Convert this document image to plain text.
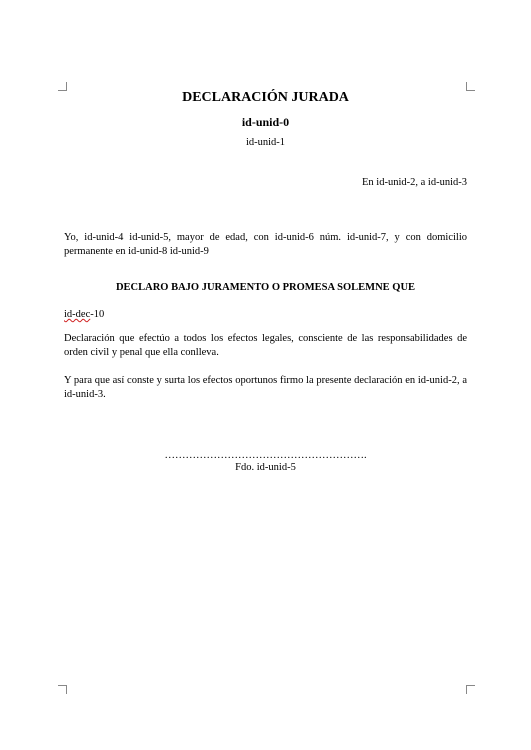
DECLARACIÓN JURADA
id-unid-0
id-unid-1
En id-unid-2, a id-unid-3

Yo, id-unid-4 id-unid-5, mayor de edad, con id-unid-6 núm. id-unid-7, y con domicilio permanente en id-unid-8 id-unid-9

DECLARO BAJO JURAMENTO O PROMESA SOLEMNE QUE
id-dec-10

Declaración que efectúo a todos los efectos legales, consciente de las responsabilidades de orden civil y penal que ella conlleva.

Y para que así conste y surta los efectos oportunos firmo la presente declaración en id-unid-2, a id-unid-3.

………………………………………………….
Fdo. id-unid-5
